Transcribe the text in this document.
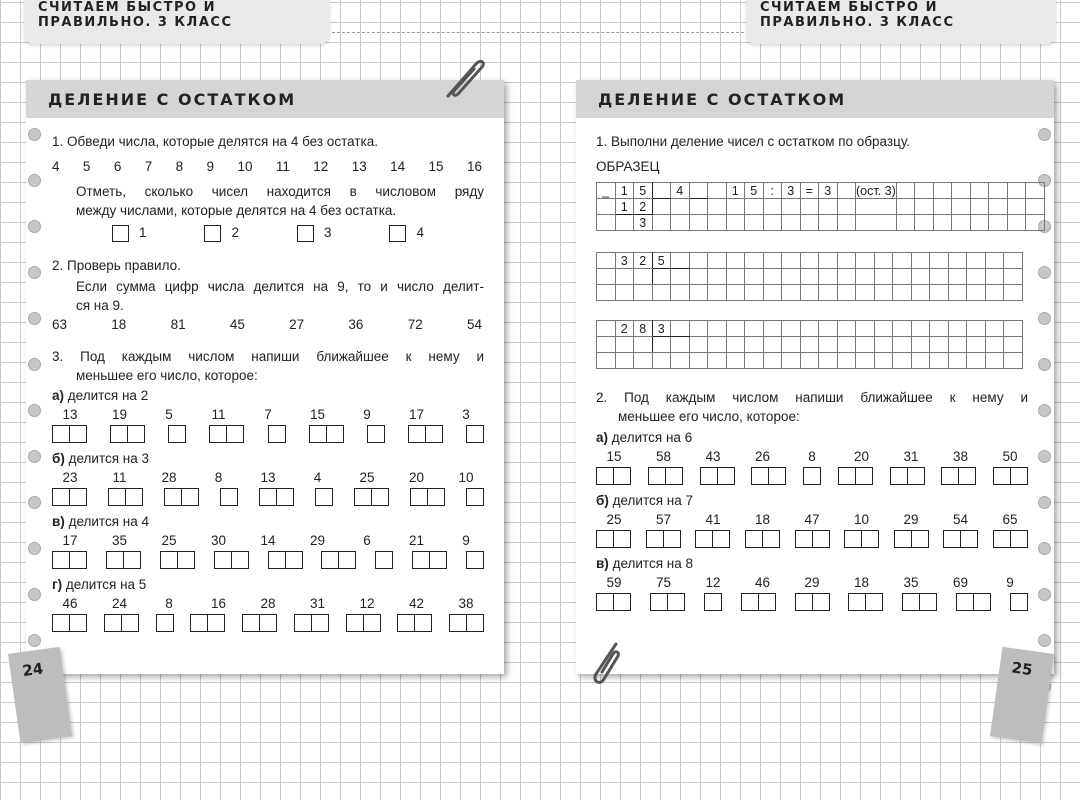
СЧИТАЕМ БЫСТРО И ПРАВИЛЬНО. 3 КЛАСС
СЧИТАЕМ БЫСТРО И ПРАВИЛЬНО. 3 КЛАСС
ДЕЛЕНИЕ С ОСТАТКОМ
1. Обведи числа, которые делятся на 4 без остатка.
4 5 6 7 8 9 10 11 12 13 14 15 16
Отметь, сколько чисел находится в числовом ряду
между числами, которые делятся на 4 без остатка.
1	2	3	4
2. Проверь правило.
Если сумма цифр числа делится на 9, то и число делит-
ся на 9.
63	18	81	45	27	36	72	54
3. Под каждым числом напиши ближайшее к нему и
меньшее его число, которое:
а) делится на 2
13	19	5	11	7	15	9	17	3
б) делится на 3
23	11	28	8	13	4	25	20	10
в) делится на 4
17	35	25	30	14	29	6	21	9
г) делится на 5
46	24	8	16	28	31	12	42	38
ДЕЛЕНИЕ С ОСТАТКОМ
1. Выполни деление чисел с остатком по образцу.
ОБРАЗЕЦ
_	1	5		4			1	5	:	3	=	3		(ост. 3)								
	1	2																				
		3																				
	3	2	5																			

	2	8	3																			

2. Под каждым числом напиши ближайшее к нему и
меньшее его число, которое:
а) делится на 6
15	58	43	26	8	20	31	38	50
б) делится на 7
25	57	41	18	47	10	29	54	65
в) делится на 8
59	75	12	46	29	18	35	69	9
24	25
